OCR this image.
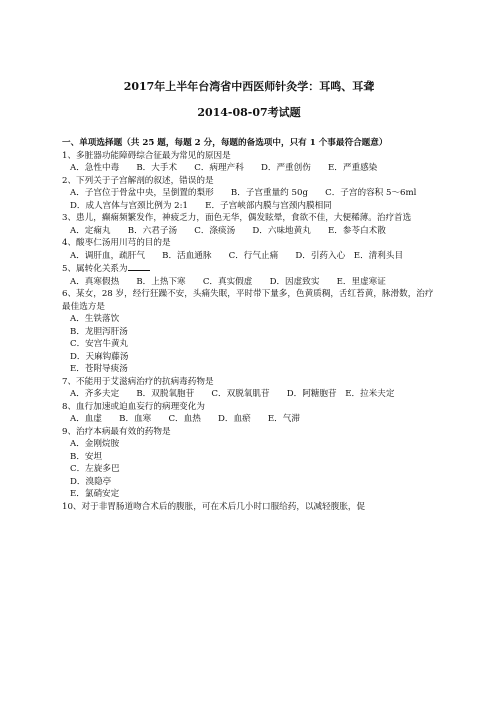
2017年上半年台湾省中西医师针灸学：耳鸣、耳聋
2014-08-07考试题
一、单项选择题（共 25 题，每题 2 分，每题的备选项中，只有 1 个事最符合题意）
1、多脏器功能障碍综合征最为常见的原因是
A．急性中毒　　B．大手术　　C．病理产科　　D．严重创伤　　E．严重感染
2、下列关于子宫解剖的叙述，错误的是
A．子宫位于骨盆中央，呈倒置的梨形　　B．子宫重量约 50g　　C．子宫的容积 5～6ml　　D．成人宫体与宫颈比例为 2:1　　E．子宫峡部内膜与宫颈内膜相同
3、患儿，癫痫频繁发作，神疲乏力，面色无华，偶发眩晕，食欲不佳，大便稀薄。治疗首选
A．定痫丸　　B．六君子汤　　C．涤痰汤　　D．六味地黄丸　　E．参苓白术散
4、酸枣仁汤用川芎的目的是
A．调肝血，疏肝气　　B．活血通脉　　C．行气止痛　　D．引药入心　E．清利头目
5、属转化关系为
A．真寒假热　　B．上热下寒　　C．真实假虚　　D．因虚致实　　E．里虚寒证
6、某女，28 岁，经行狂躁不安，头痛失眠，平时带下量多，色黄质稠，舌红苔黄，脉滑数，治疗最佳选方是
A．生铁落饮
B．龙胆泻肝汤
C．安宫牛黄丸
D．天麻钩藤汤
E．苍附导痰汤
7、不能用于艾滋病治疗的抗病毒药物是
A．齐多夫定　　B．双脱氧胞苷　　C．双脱氧肌苷　　D．阿糖胞苷　E．拉米夫定
8、血行加速或迫血妄行的病理变化为
A．血虚　　B．血寒　　C．血热　　D．血瘀　　E．气滞
9、治疗本病最有效的药物是
A．金刚烷胺
B．安坦
C．左旋多巴
D．溴隐亭
E．氯硝安定
10、对于非胃肠道吻合术后的腹胀，可在术后几小时口服给药，以减轻腹胀，促
